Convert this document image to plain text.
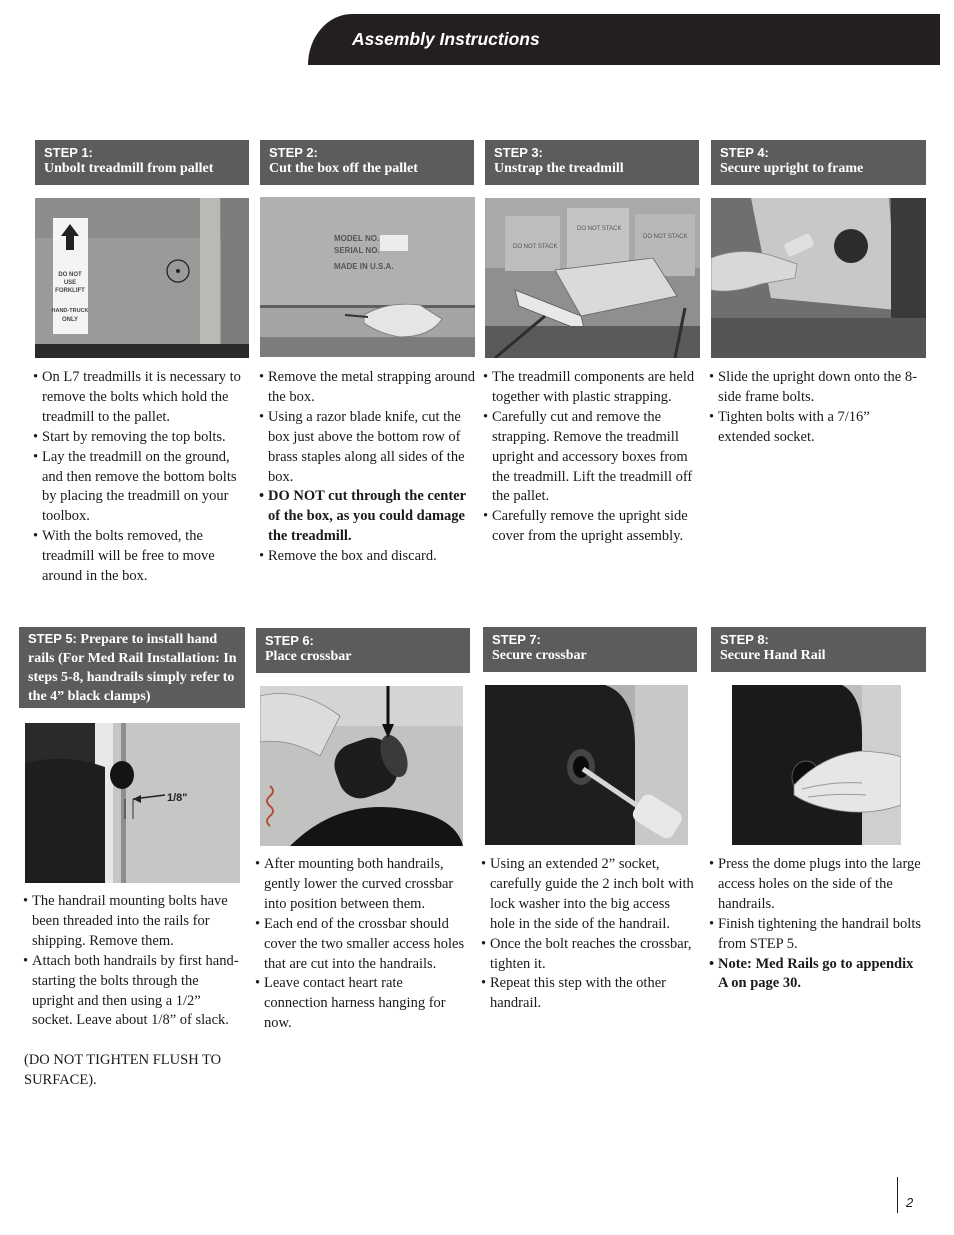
Assembly Instructions
STEP 1:
Unbolt treadmill from pallet
DO NOT
USE
FORKLIFT
HAND-TRUCK
ONLY
• On L7 treadmills it is necessary to remove the bolts which hold the treadmill to the pallet.
• Start by removing the top bolts.
• Lay the treadmill on the ground, and then remove the bottom bolts by placing the treadmill on your toolbox.
• With the bolts removed, the treadmill will be free to move around in the box.
STEP 2:
Cut the box off the pallet
MODEL NO.
SERIAL NO.
MADE IN U.S.A.
• Remove the metal strapping around the box.
• Using a razor blade knife, cut the box just above the bottom row of brass staples along all sides of the box.
• DO NOT cut through the center of the box, as you could damage the treadmill.
• Remove the box and discard.
STEP 3:
Unstrap the treadmill
DO NOT STACK
DO NOT STACK
DO NOT STACK
• The treadmill components are held together with plastic strapping.
• Carefully cut and remove the strapping. Remove the treadmill upright and accessory boxes from the treadmill. Lift the treadmill off the pallet.
• Carefully remove the upright side cover from the upright assembly.
STEP 4:
Secure upright to frame
• Slide the upright down onto the 8-side frame bolts.
• Tighten bolts with a 7/16” extended socket.
STEP 5: Prepare to install hand rails (For Med Rail Installation: In steps 5-8, handrails simply refer to the 4” black clamps)
1/8"
• The handrail mounting bolts have been threaded into the rails for shipping. Remove them.
• Attach both handrails by first hand-starting the bolts through the upright and then using a 1/2” socket. Leave about 1/8” of slack.
(DO NOT TIGHTEN FLUSH TO SURFACE).
STEP 6:
Place crossbar
• After mounting both handrails, gently lower the curved crossbar into position between them.
• Each end of the crossbar should cover the two smaller access holes that are cut into the handrails.
• Leave contact heart rate connection harness hanging for now.
STEP 7:
Secure crossbar
• Using an extended 2” socket, carefully guide the 2 inch bolt with lock washer into the big access hole in the side of the handrail.
• Once the bolt reaches the crossbar, tighten it.
• Repeat this step with the other handrail.
STEP 8:
Secure Hand Rail
• Press the dome plugs into the large access holes on the side of the handrails.
• Finish tightening the handrail bolts from STEP 5.
• Note: Med Rails go to appendix A on page 30.
2
